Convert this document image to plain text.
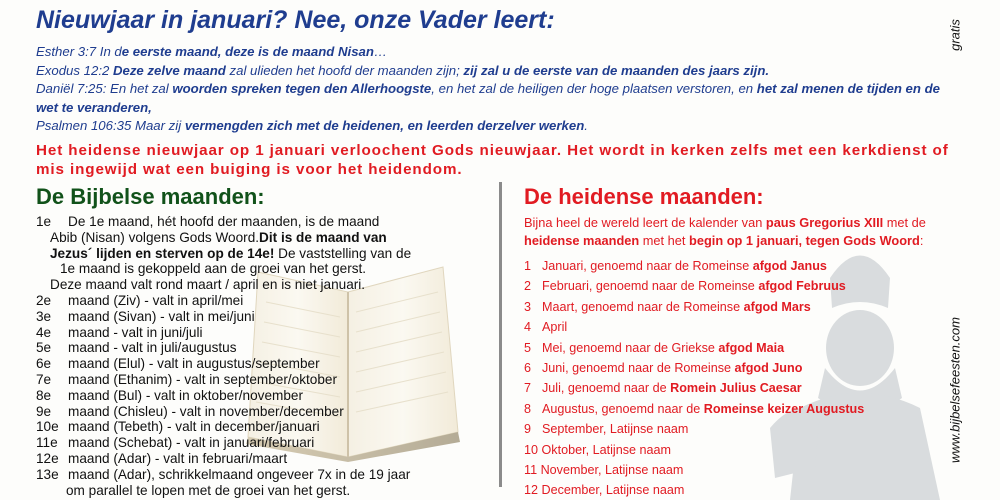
Nieuwjaar in januari? Nee, onze Vader leert:	gratis

Esther 3:7 In de eerste maand, deze is de maand Nisan…

Exodus 12:2 Deze zelve maand zal ulieden het hoofd der maanden zijn; zij zal u de eerste van de maanden des jaars zijn.

Daniël 7:25: En het zal woorden spreken tegen den Allerhoogste, en het zal de heiligen der hoge plaatsen verstoren, en het zal menen de tijden en de wet te veranderen,

Psalmen 106:35 Maar zij vermengden zich met de heidenen, en leerden derzelver werken.

Het heidense nieuwjaar op 1 januari verloochent Gods nieuwjaar. Het wordt in kerken zelfs met een kerkdienst of mis ingewijd wat een buiging is voor het heidendom.
De Bijbelse maanden:
1e	De 1e maand, hét hoofd der maanden, is de maand
Abib (Nisan) volgens Gods Woord. Dit is de maand van
Jezus´ lijden en sterven op de 14e! De vaststelling van de
1e maand is gekoppeld aan de groei van het gerst.
Deze maand valt rond maart / april en is niet januari.
2e	maand (Ziv) - valt in april/mei
3e	maand (Sivan) - valt in mei/juni
4e	maand - valt in juni/juli
5e	maand - valt in juli/augustus
6e	maand (Elul) - valt in augustus/september
7e	maand (Ethanim) - valt in september/oktober
8e	maand (Bul) - valt in oktober/november
9e	maand (Chisleu) - valt in november/december
10e maand (Tebeth) - valt in december/januari
11e maand (Schebat) - valt in januari/februari
12e maand (Adar) - valt in februari/maart
13e maand (Adar), schrikkelmaand ongeveer 7x in de 19 jaar
om parallel te lopen met de groei van het gerst.
De heidense maanden:
Bijna heel de wereld leert de kalender van paus Gregorius XIII met de heidense maanden met het begin op 1 januari, tegen Gods Woord:
1 Januari, genoemd naar de Romeinse afgod Janus
2 Februari, genoemd naar de Romeinse afgod Februus
3 Maart, genoemd naar de Romeinse afgod Mars
4 April
5 Mei, genoemd naar de Griekse afgod Maia
6 Juni, genoemd naar de Romeinse afgod Juno
7 Juli, genoemd naar de Romein Julius Caesar
8 Augustus, genoemd naar de Romeinse keizer Augustus
9 September, Latijnse naam
10 Oktober, Latijnse naam
11 November, Latijnse naam
12 December, Latijnse naam
www.bijbelsefeesten.com
